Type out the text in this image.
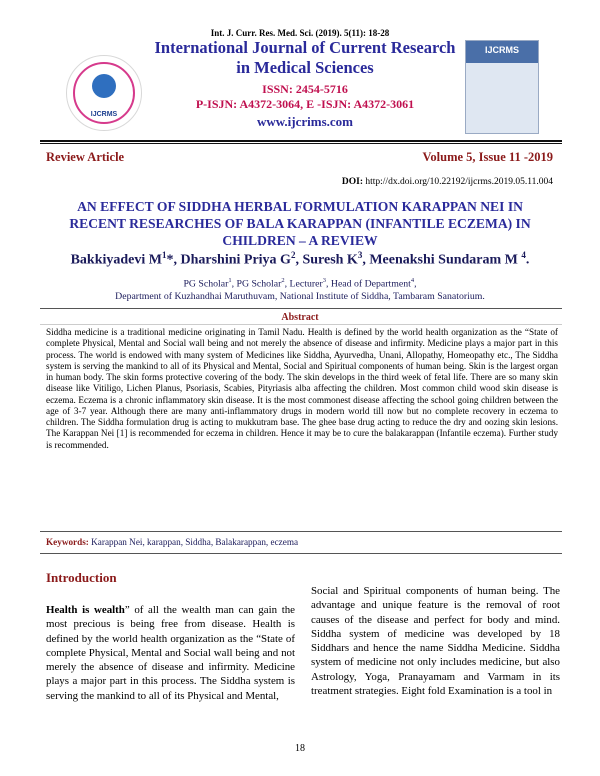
Int. J. Curr. Res. Med. Sci. (2019). 5(11): 18-28
IJCRMS
International Journal of Current Research in Medical Sciences
ISSN: 2454-5716
P-ISJN: A4372-3064, E -ISJN: A4372-3061
www.ijcrims.com
IJCRMS
Review Article	Volume 5, Issue 11 -2019
DOI: http://dx.doi.org/10.22192/ijcrms.2019.05.11.004
AN EFFECT OF SIDDHA HERBAL FORMULATION KARAPPAN NEI IN RECENT RESEARCHES OF BALA KARAPPAN (INFANTILE ECZEMA) IN CHILDREN – A REVIEW
Bakkiyadevi $M^1*$, Dharshini Priya $G^2$, Suresh $K^3$, Meenakshi Sundaram M $^4$.
PG Scholar$^1$, PG Scholar$^2$, Lecturer$^3$, Head of Department$^4$,
Department of Kuzhandhai Maruthuvam, National Institute of Siddha, Tambaram Sanatorium.
Abstract
Siddha medicine is a traditional medicine originating in Tamil Nadu. Health is defined by the world health organization as the “State of complete Physical, Mental and Social wall being and not merely the absence of disease and infirmity. Medicine plays a major part in this process. The world is endowed with many system of Medicines like Siddha, Ayurvedha, Unani, Allopathy, Homeopathy etc., The Siddha system is serving the mankind to all of its Physical and Mental, Social and Spiritual components of human being. Skin is the largest organ in human body. The skin forms protective covering of the body. The skin develops in the third week of fetal life. There are so many skin disease like Vitiligo, Lichen Planus, Psoriasis, Scabies, Pityriasis alba affecting the children. Most common child wood skin disease is eczema. Eczema is a chronic inflammatory skin disease. It is the most commonest disease affecting the school going children between the age of 3-7 year. Although there are many anti-inflammatory drugs in modern world till now but no complete recovery in eczema to children. The Siddha formulation drug is acting to mukkutram base. The ghee base drug acting to reduce the dry and oozing skin lesions. The Karappan Nei [1] is recommended for eczema in children. Hence it may be to cure the balakarappan (Infantile eczema). Further study is recommended.
Keywords: Karappan Nei, karappan, Siddha, Balakarappan, eczema
Introduction
Health is wealth” of all the wealth man can gain the most precious is being free from disease. Health is defined by the world health organization as the “State of complete Physical, Mental and Social wall being and not merely the absence of disease and infirmity. Medicine plays a major part in this process. The Siddha system is serving the mankind to all of its Physical and Mental,
Social and Spiritual components of human being. The advantage and unique feature is the removal of root causes of the disease and perfect for body and mind. Siddha system of medicine was developed by 18 Siddhars and hence the name Siddha Medicine. Siddha system of medicine not only includes medicine, but also Astrology, Yoga, Pranayamam and Varmam in its treatment strategies. Eight fold Examination is a tool in
18
